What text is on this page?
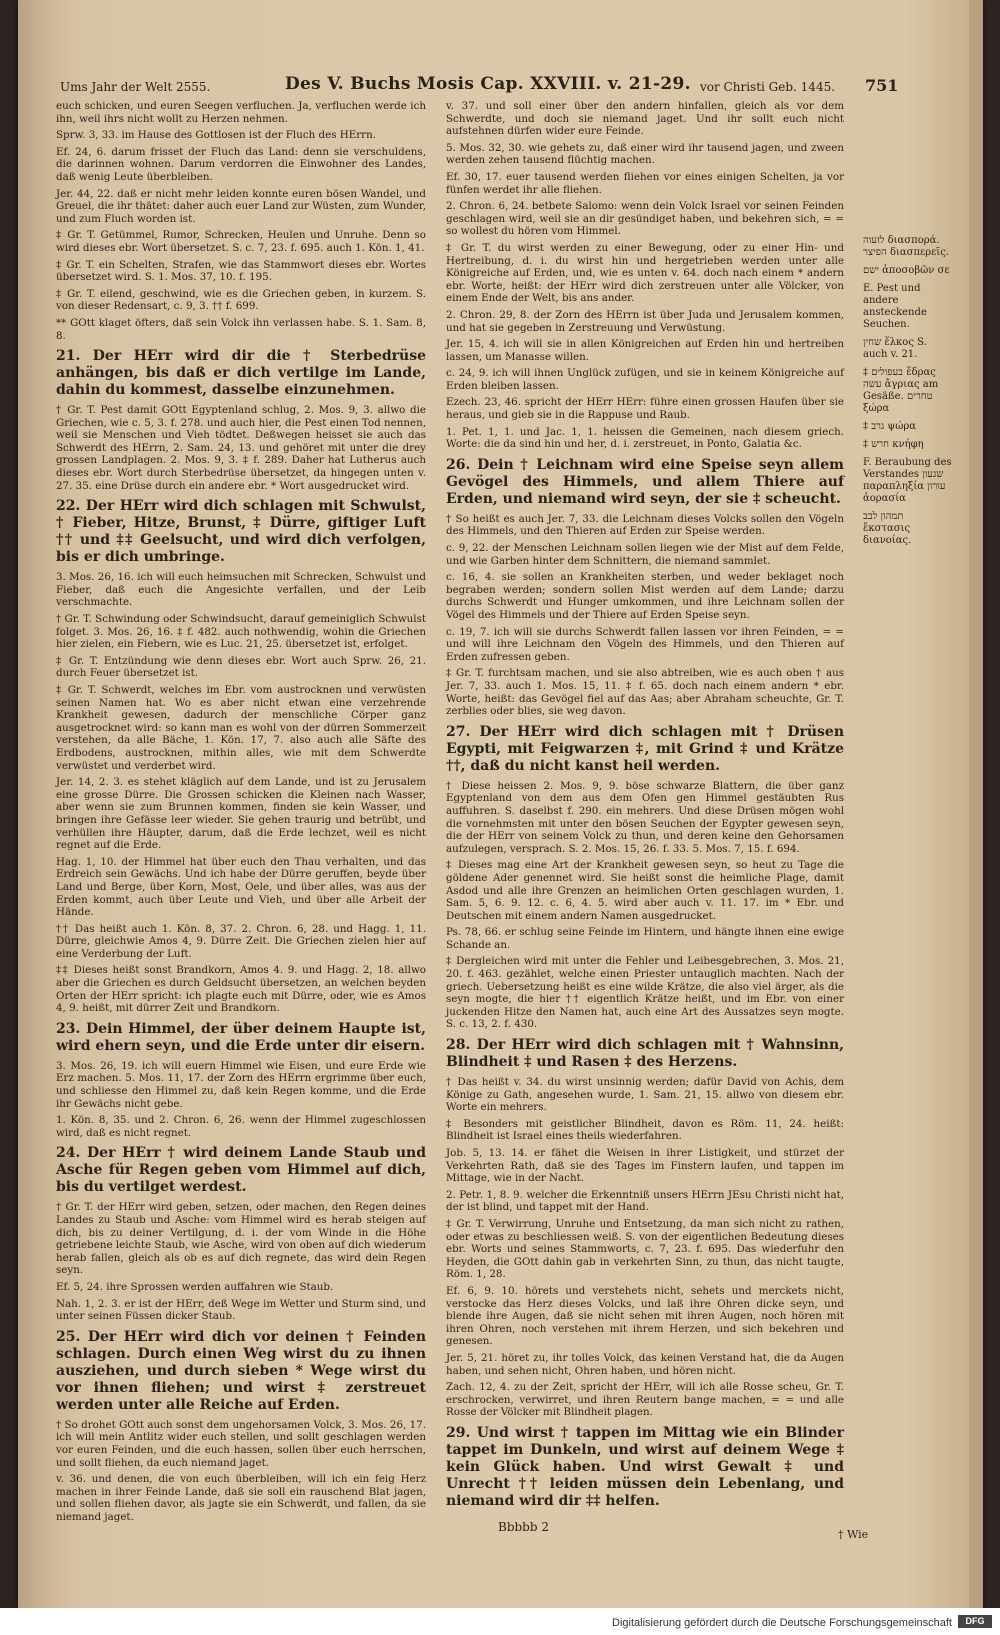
Ums Jahr der Welt 2555.	Des V. Buchs Mosis Cap. XXVIII. v. 21-29. vor Christi Geb. 1445. 751

euch schicken, und euren Seegen verfluchen. Ja, verfluchen werde ich ihn, weil ihrs nicht wollt zu Herzen nehmen.

Sprw. 3, 33. im Hause des Gottlosen ist der Fluch des HErrn.

Ef. 24, 6. darum frisset der Fluch das Land: denn sie verschuldens, die darinnen wohnen. Darum verdorren die Einwohner des Landes, daß wenig Leute überbleiben.

Jer. 44, 22. daß er nicht mehr leiden konnte euren bösen Wandel, und Greuel, die ihr thätet: daher auch euer Land zur Wüsten, zum Wunder, und zum Fluch worden ist.

‡ Gr. T. Getümmel, Rumor, Schrecken, Heulen und Unruhe. Denn so wird dieses ebr. Wort übersetzet. S. c. 7, 23. f. 695. auch 1. Kön. 1, 41.

‡ Gr. T. ein Schelten, Strafen, wie das Stammwort dieses ebr. Wortes übersetzet wird. S. 1. Mos. 37, 10. f. 195.

‡ Gr. T. eilend, geschwind, wie es die Griechen geben, in kurzem. S. von dieser Redensart, c. 9, 3. †† f. 699.

** GOtt klaget öfters, daß sein Volck ihn verlassen habe. S. 1. Sam. 8, 8.

21. Der HErr wird dir die † Sterbedrüse anhängen, bis daß er dich vertilge im Lande, dahin du kommest, dasselbe einzunehmen.

† Gr. T. Pest damit GOtt Egyptenland schlug, 2. Mos. 9, 3. allwo die Griechen, wie c. 5, 3. f. 278. und auch hier, die Pest einen Tod nennen, weil sie Menschen und Vieh tödtet. Deßwegen heisset sie auch das Schwerdt des HErrn, 2. Sam. 24, 13. und gehöret mit unter die drey grossen Landplagen. 2. Mos. 9, 3. ‡ f. 289. Daher hat Lutherus auch dieses ebr. Wort durch Sterbedrüse übersetzet, da hingegen unten v. 27. 35. eine Drüse durch ein andere ebr. * Wort ausgedrucket wird.

22. Der HErr wird dich schlagen mit Schwulst, † Fieber, Hitze, Brunst, ‡ Dürre, giftiger Luft †† und ‡‡ Geelsucht, und wird dich verfolgen, bis er dich umbringe.

3. Mos. 26, 16. ich will euch heimsuchen mit Schrecken, Schwulst und Fieber, daß euch die Angesichte verfallen, und der Leib verschmachte.

† Gr. T. Schwindung oder Schwindsucht, darauf gemeiniglich Schwulst folget. 3. Mos. 26, 16. ‡ f. 482. auch nothwendig, wohin die Griechen hier zielen, ein Fiebern, wie es Luc. 21, 25. übersetzet ist, erfolget.

‡ Gr. T. Entzündung wie denn dieses ebr. Wort auch Sprw. 26, 21. durch Feuer übersetzet ist.

‡ Gr. T. Schwerdt, welches im Ebr. vom austrocknen und verwüsten seinen Namen hat. Wo es aber nicht etwan eine verzehrende Krankheit gewesen, dadurch der menschliche Cörper ganz ausgetrocknet wird: so kann man es wohl von der dürren Sommerzeit verstehen, da alle Bäche, 1. Kön. 17, 7. also auch alle Säfte des Erdbodens, austrocknen, mithin alles, wie mit dem Schwerdte verwüstet und verderbet wird.

Jer. 14, 2. 3. es stehet kläglich auf dem Lande, und ist zu Jerusalem eine grosse Dürre. Die Grossen schicken die Kleinen nach Wasser, aber wenn sie zum Brunnen kommen, finden sie kein Wasser, und bringen ihre Gefässe leer wieder. Sie gehen traurig und betrübt, und verhüllen ihre Häupter, darum, daß die Erde lechzet, weil es nicht regnet auf die Erde.

Hag. 1, 10. der Himmel hat über euch den Thau verhalten, und das Erdreich sein Gewächs. Und ich habe der Dürre geruffen, beyde über Land und Berge, über Korn, Most, Oele, und über alles, was aus der Erden kommt, auch über Leute und Vieh, und über alle Arbeit der Hände.

†† Das heißt auch 1. Kön. 8, 37. 2. Chron. 6, 28. und Hagg. 1, 11. Dürre, gleichwie Amos 4, 9. Dürre Zeit. Die Griechen zielen hier auf eine Verderbung der Luft.

‡‡ Dieses heißt sonst Brandkorn, Amos 4. 9. und Hagg. 2, 18. allwo aber die Griechen es durch Geldsucht übersetzen, an welchen beyden Orten der HErr spricht: ich plagte euch mit Dürre, oder, wie es Amos 4, 9. heißt, mit dürrer Zeit und Brandkorn.

23. Dein Himmel, der über deinem Haupte ist, wird ehern seyn, und die Erde unter dir eisern.

3. Mos. 26, 19. ich will euern Himmel wie Eisen, und eure Erde wie Erz machen. 5. Mos. 11, 17. der Zorn des HErrn ergrimme über euch, und schliesse den Himmel zu, daß kein Regen komme, und die Erde ihr Gewächs nicht gebe.

1. Kön. 8, 35. und 2. Chron. 6, 26. wenn der Himmel zugeschlossen wird, daß es nicht regnet.

24. Der HErr † wird deinem Lande Staub und Asche für Regen geben vom Himmel auf dich, bis du vertilget werdest.

† Gr. T. der HErr wird geben, setzen, oder machen, den Regen deines Landes zu Staub und Asche: vom Himmel wird es herab steigen auf dich, bis zu deiner Vertilgung, d. i. der vom Winde in die Höhe getriebene leichte Staub, wie Asche, wird von oben auf dich wiederum herab fallen, gleich als ob es auf dich regnete, das wird dein Regen seyn.

Ef. 5, 24. ihre Sprossen werden auffahren wie Staub.

Nah. 1, 2. 3. er ist der HErr, deß Wege im Wetter und Sturm sind, und unter seinen Füssen dicker Staub.

25. Der HErr wird dich vor deinen † Feinden schlagen. Durch einen Weg wirst du zu ihnen ausziehen, und durch sieben * Wege wirst du vor ihnen fliehen; und wirst ‡ zerstreuet werden unter alle Reiche auf Erden.

† So drohet GOtt auch sonst dem ungehorsamen Volck, 3. Mos. 26, 17. ich will mein Antlitz wider euch stellen, und sollt geschlagen werden vor euren Feinden, und die euch hassen, sollen über euch herrschen, und sollt fliehen, da euch niemand jaget.

v. 36. und denen, die von euch überbleiben, will ich ein feig Herz machen in ihrer Feinde Lande, daß sie soll ein rauschend Blat jagen, und sollen fliehen davor, als jagte sie ein Schwerdt, und fallen, da sie niemand jaget.

v. 37. und soll einer über den andern hinfallen, gleich als vor dem Schwerdte, und doch sie niemand jaget. Und ihr sollt euch nicht aufstehnen dürfen wider eure Feinde.

5. Mos. 32, 30. wie gehets zu, daß einer wird ihr tausend jagen, und zween werden zehen tausend flüchtig machen.

Ef. 30, 17. euer tausend werden fliehen vor eines einigen Schelten, ja vor fünfen werdet ihr alle fliehen.

2. Chron. 6, 24. betbete Salomo: wenn dein Volck Israel vor seinen Feinden geschlagen wird, weil sie an dir gesündiget haben, und bekehren sich, = = so wollest du hören vom Himmel.

‡ Gr. T. du wirst werden zu einer Bewegung, oder zu einer Hin- und Hertreibung, d. i. du wirst hin und hergetrieben werden unter alle Königreiche auf Erden, und, wie es unten v. 64. doch nach einem * andern ebr. Worte, heißt: der HErr wird dich zerstreuen unter alle Völcker, von einem Ende der Welt, bis ans ander.

2. Chron. 29, 8. der Zorn des HErrn ist über Juda und Jerusalem kommen, und hat sie gegeben in Zerstreuung und Verwüstung.

Jer. 15, 4. ich will sie in allen Königreichen auf Erden hin und hertreiben lassen, um Manasse willen.

c. 24, 9. ich will ihnen Unglück zufügen, und sie in keinem Königreiche auf Erden bleiben lassen.

Ezech. 23, 46. spricht der HErr HErr: führe einen grossen Haufen über sie heraus, und gieb sie in die Rappuse und Raub.

1. Pet. 1, 1. und Jac. 1, 1. heissen die Gemeinen, nach diesem griech. Worte: die da sind hin und her, d. i. zerstreuet, in Ponto, Galatia &c.

26. Dein † Leichnam wird eine Speise seyn allem Gevögel des Himmels, und allem Thiere auf Erden, und niemand wird seyn, der sie ‡ scheucht.

† So heißt es auch Jer. 7, 33. die Leichnam dieses Volcks sollen den Vögeln des Himmels, und den Thieren auf Erden zur Speise werden.

c. 9, 22. der Menschen Leichnam sollen liegen wie der Mist auf dem Felde, und wie Garben hinter dem Schnittern, die niemand sammlet.

c. 16, 4. sie sollen an Krankheiten sterben, und weder beklaget noch begraben werden; sondern sollen Mist werden auf dem Lande; darzu durchs Schwerdt und Hunger umkommen, und ihre Leichnam sollen der Vögel des Himmels und der Thiere auf Erden Speise seyn.

c. 19, 7. ich will sie durchs Schwerdt fallen lassen vor ihren Feinden, = = und will ihre Leichnam den Vögeln des Himmels, und den Thieren auf Erden zufressen geben.

‡ Gr. T. furchtsam machen, und sie also abtreiben, wie es auch oben † aus Jer. 7, 33. auch 1. Mos. 15, 11. ‡ f. 65. doch nach einem andern * ebr. Worte, heißt: das Gevögel fiel auf das Aas; aber Abraham scheuchte, Gr. T. zerblies oder blies, sie weg davon.

27. Der HErr wird dich schlagen mit † Drüsen Egypti, mit Feigwarzen ‡, mit Grind ‡ und Krätze ††, daß du nicht kanst heil werden.

† Diese heissen 2. Mos. 9, 9. böse schwarze Blattern, die über ganz Egyptenland von dem aus dem Ofen gen Himmel gestäubten Rus auffuhren. S. daselbst f. 290. ein mehrers. Und diese Drüsen mögen wohl die vornehmsten mit unter den bösen Seuchen der Egypter gewesen seyn, die der HErr von seinem Volck zu thun, und deren keine den Gehorsamen aufzulegen, versprach. S. 2. Mos. 15, 26. f. 33. 5. Mos. 7, 15. f. 694.

‡ Dieses mag eine Art der Krankheit gewesen seyn, so heut zu Tage die göldene Ader genennet wird. Sie heißt sonst die heimliche Plage, damit Asdod und alle ihre Grenzen an heimlichen Orten geschlagen wurden, 1. Sam. 5, 6. 9. 12. c. 6, 4. 5. wird aber auch v. 11. 17. im * Ebr. und Deutschen mit einem andern Namen ausgedrucket.

Ps. 78, 66. er schlug seine Feinde im Hintern, und hängte ihnen eine ewige Schande an.

‡ Dergleichen wird mit unter die Fehler und Leibesgebrechen, 3. Mos. 21, 20. f. 463. gezählet, welche einen Priester untauglich machten. Nach der griech. Uebersetzung heißt es eine wilde Krätze, die also viel ärger, als die seyn mogte, die hier †† eigentlich Krätze heißt, und im Ebr. von einer juckenden Hitze den Namen hat, auch eine Art des Aussatzes seyn mogte. S. c. 13, 2. f. 430.

28. Der HErr wird dich schlagen mit † Wahnsinn, Blindheit ‡ und Rasen ‡ des Herzens.

† Das heißt v. 34. du wirst unsinnig werden; dafür David von Achis, dem Könige zu Gath, angesehen wurde, 1. Sam. 21, 15. allwo von diesem ebr. Worte ein mehrers.

‡ Besonders mit geistlicher Blindheit, davon es Röm. 11, 24. heißt: Blindheit ist Israel eines theils wiederfahren.

Job. 5, 13. 14. er fähet die Weisen in ihrer Listigkeit, und stürzet der Verkehrten Rath, daß sie des Tages im Finstern laufen, und tappen im Mittage, wie in der Nacht.

2. Petr. 1, 8. 9. welcher die Erkenntniß unsers HErrn JEsu Christi nicht hat, der ist blind, und tappet mit der Hand.

‡ Gr. T. Verwirrung, Unruhe und Entsetzung, da man sich nicht zu rathen, oder etwas zu beschliessen weiß. S. von der eigentlichen Bedeutung dieses ebr. Worts und seines Stammworts, c. 7, 23. f. 695. Das wiederfuhr den Heyden, die GOtt dahin gab in verkehrten Sinn, zu thun, das nicht taugte, Röm. 1, 28.

Ef. 6, 9. 10. hörets und verstehets nicht, sehets und merckets nicht, verstocke das Herz dieses Volcks, und laß ihre Ohren dicke seyn, und blende ihre Augen, daß sie nicht sehen mit ihren Augen, noch hören mit ihren Ohren, noch verstehen mit ihrem Herzen, und sich bekehren und genesen.

Jer. 5, 21. höret zu, ihr tolles Volck, das keinen Verstand hat, die da Augen haben, und sehen nicht, Ohren haben, und hören nicht.

Zach. 12, 4. zu der Zeit, spricht der HErr, will ich alle Rosse scheu, Gr. T. erschrocken, verwirret, und ihren Reutern bange machen, = = und alle Rosse der Völcker mit Blindheit plagen.

29. Und wirst † tappen im Mittag wie ein Blinder tappet im Dunkeln, und wirst auf deinem Wege ‡ kein Glück haben. Und wirst Gewalt ‡ und Unrecht †† leiden müssen dein Lebenlang, und niemand wird dir ‡‡ helfen.

לזעוה διασπορά. הפיצר διασπερεῖς.
ישם ἀποσοβῶν σε
E. Pest und andere ansteckende Seuchen.
שחין ἕλκος S. auch v. 21.
‡ בעפולים ἕδρας עשה ἄγριας am Gesäße. טחרים ξώρα
‡ גרב ψώρα
‡ חרש κνήφη
F. Beraubung des Verstandes שגעון παραπληξία עורון ἀορασία
תמהון לבב ἔκστασις διανοίας.
Bbbbb 2
† Wie
Digitalisierung gefördert durch die Deutsche Forschungsgemeinschaft	DFG
